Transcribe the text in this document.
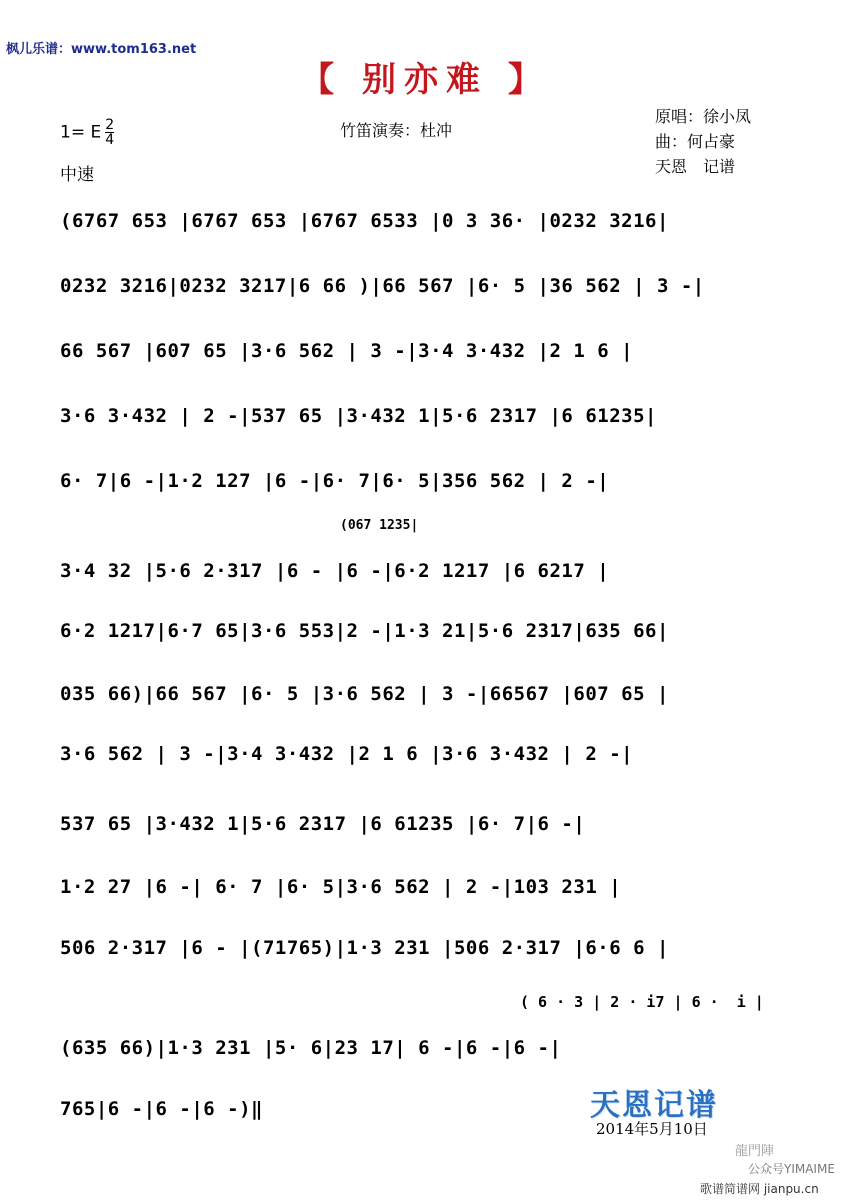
枫儿乐谱：www.tom163.net
【 别亦难 】
1= E $\frac{2}{4}$
中速
竹笛演奏：杜冲
原唱：徐小凤
曲：何占豪
天恩　记谱
(6767 653 |6767 653 |6767 6533 |0 3 36· |0232 3216|
0232 3216|0232 3217|6 66 )|66 567 |6· 5 |36 562 | 3 -|
66 567 |607 65 |3·6 562 | 3 -|3·4 3·432 |2 1 6 |
3·6 3·432 | 2 -|537 65 |3·432 1|5·6 2317 |6 61235|
6· 7|6 -|1·2 127 |6 -|6· 7|6· 5|356 562 | 2 -|
(067 1235|
3·4 32 |5·6 2·317 |6 - |6 -|6·2 1217 |6 6217 |
6·2 1217|6·7 65|3·6 553|2 -|1·3 21|5·6 2317|635 66|
035 66)|66 567 |6· 5 |3·6 562 | 3 -|66567 |607 65 |
3·6 562 | 3 -|3·4 3·432 |2 1 6 |3·6 3·432 | 2 -|
537 65 |3·432 1|5·6 2317 |6 61235 |6· 7|6 -|
1·2 27 |6 -| 6· 7 |6· 5|3·6 562 | 2 -|103 231 |
506 2·317 |6 - |(71765)|1·3 231 |506 2·317 |6·6 6 |
( 6 · 3 | 2 · i7 | 6 ·  i |
(635 66)|1·3 231 |5· 6|23 17| 6 -|6 -|6 -|
765|6 -|6 -|6 -)‖	天恩记谱
2014年5月10日
龍門陣
公众号YIMAIME
歌谱简谱网 jianpu.cn
